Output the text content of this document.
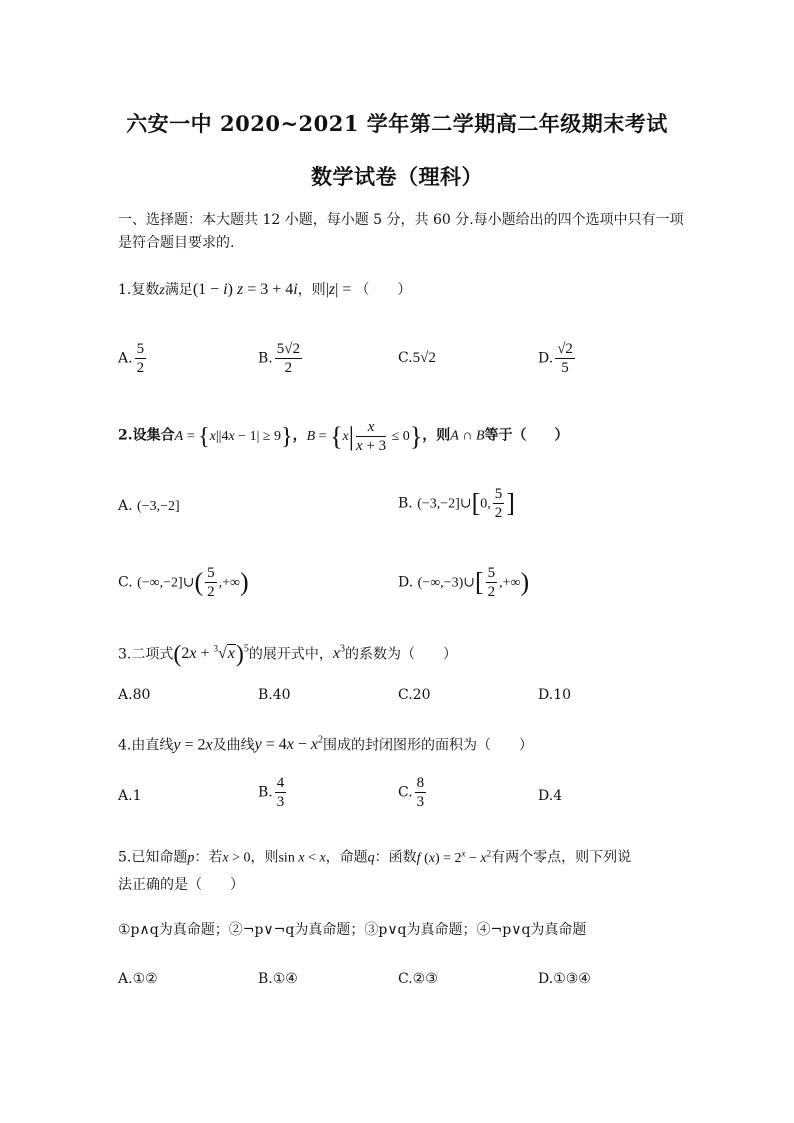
六安一中 2020~2021 学年第二学期高二年级期末考试
数学试卷（理科）
一、选择题：本大题共 12 小题，每小题 5 分，共 60 分.每小题给出的四个选项中只有一项
是符合题目要求的.
1.复数z满足(1 − i) z = 3 + 4i，则|z| = （　　）
A. $\frac{5}{2}$	B. $\frac{5√2}{2}$	C.5√2	D. $\frac{√2}{5}$
2.设集合A = {x||4x − 1| ≥ 9}，$B = \{x| \frac{x}{x + 3} \le 0\}$，则A ∩ B等于（　　）
A. (−3,−2]	B. (−3,−2]∪[0, $\frac{5}{2}$ ]
C. (−∞,−2]∪( $\frac{5}{2}$ ,+∞)	D. (−∞,−3)∪[ $\frac{5}{2}$ ,+∞)
3.二项式$(2x + ^3√x)^5$的展开式中，$x^3$的系数为（　　）
A.80	B.40	C.20	D.10
4.由直线y = 2x及曲线$y = 4x - x^2$围成的封闭图形的面积为（　　）
A.1	B. $\frac{4}{3}$	C. $\frac{8}{3}$	D.4
5.已知命题p：若x > 0，则sin x < x，命题q：函数f $(x) = 2^x - x^2$有两个零点，则下列说
法正确的是（　　）
①p∧q为真命题；②¬p∨¬q为真命题；③p∨q为真命题；④¬p∨q为真命题
A.①②	B.①④	C.②③	D.①③④
